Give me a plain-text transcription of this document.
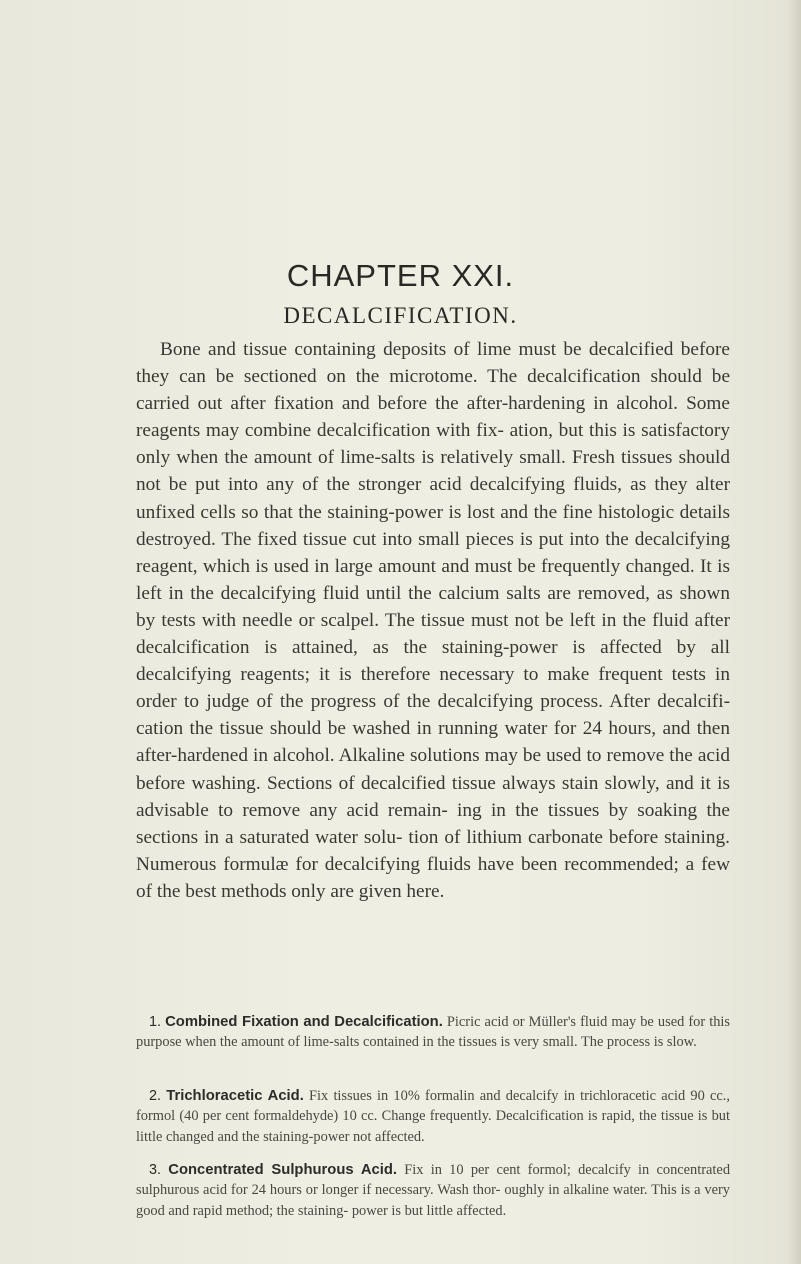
CHAPTER XXI.
DECALCIFICATION.

Bone and tissue containing deposits of lime must be decalcified before they can be sectioned on the microtome. The decalcification should be carried out after fixation and before the after-hardening in alcohol. Some reagents may combine decalcification with fix- ation, but this is satisfactory only when the amount of lime-salts is relatively small. Fresh tissues should not be put into any of the stronger acid decalcifying fluids, as they alter unfixed cells so that the staining-power is lost and the fine histologic details destroyed. The fixed tissue cut into small pieces is put into the decalcifying reagent, which is used in large amount and must be frequently changed. It is left in the decalcifying fluid until the calcium salts are removed, as shown by tests with needle or scalpel. The tissue must not be left in the fluid after decalcification is attained, as the staining-power is affected by all decalcifying reagents; it is therefore necessary to make frequent tests in order to judge of the progress of the decalcifying process. After decalcifi- cation the tissue should be washed in running water for 24 hours, and then after-hardened in alcohol. Alkaline solutions may be used to remove the acid before washing. Sections of decalcified tissue always stain slowly, and it is advisable to remove any acid remain- ing in the tissues by soaking the sections in a saturated water solu- tion of lithium carbonate before staining. Numerous formulæ for decalcifying fluids have been recommended; a few of the best methods only are given here.

1. Combined Fixation and Decalcification. Picric acid or Müller's fluid may be used for this purpose when the amount of lime-salts contained in the tissues is very small. The process is slow.

2. Trichloracetic Acid. Fix tissues in 10% formalin and decalcify in trichloracetic acid 90 cc., formol (40 per cent formaldehyde) 10 cc. Change frequently. Decalcification is rapid, the tissue is but little changed and the staining-power not affected.

3. Concentrated Sulphurous Acid. Fix in 10 per cent formol; decalcify in concentrated sulphurous acid for 24 hours or longer if necessary. Wash thor- oughly in alkaline water. This is a very good and rapid method; the staining- power is but little affected.
